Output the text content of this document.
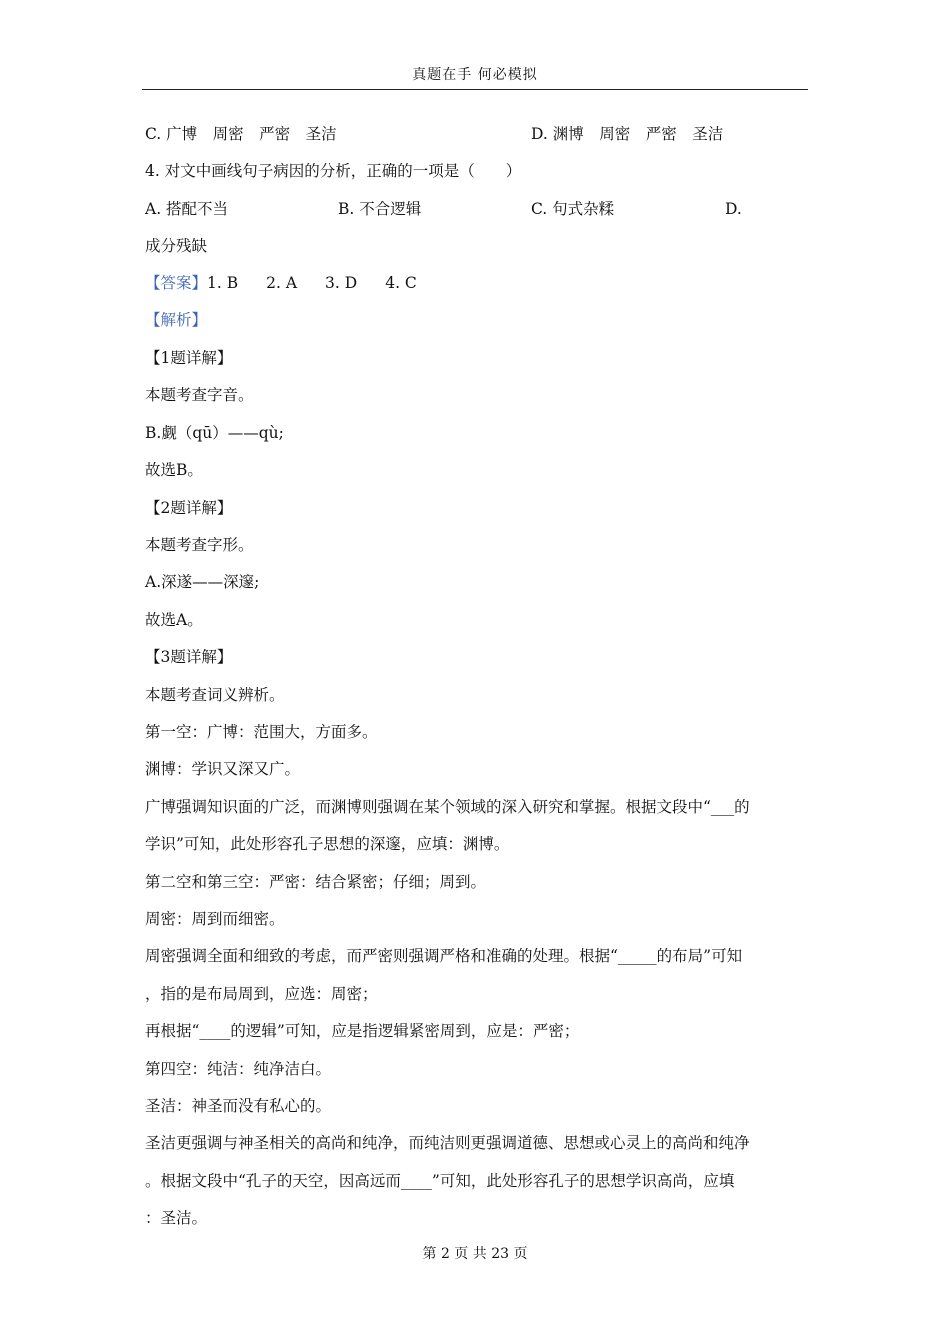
真题在手 何必模拟
C. 广博　周密　严密　圣洁	D. 渊博　周密　严密　圣洁
4. 对文中画线句子病因的分析，正确的一项是（　　）
A. 搭配不当	B. 不合逻辑	C. 句式杂糅	D.
成分残缺
【答案】1. B 2. A 3. D 4. C
【解析】
【1题详解】
本题考查字音。
B.觑（qū）——qù;
故选B。
【2题详解】
本题考查字形。
A.深遂——深邃;
故选A。
【3题详解】
本题考查词义辨析。
第一空：广博：范围大，方面多。
渊博：学识又深又广。
广博强调知识面的广泛，而渊博则强调在某个领域的深入研究和掌握。根据文段中“___的
学识”可知，此处形容孔子思想的深邃，应填：渊博。
第二空和第三空：严密：结合紧密；仔细；周到。
周密：周到而细密。
周密强调全面和细致的考虑，而严密则强调严格和准确的处理。根据“_____的布局”可知
，指的是布局周到，应选：周密；
再根据“____的逻辑”可知，应是指逻辑紧密周到，应是：严密；
第四空：纯洁：纯净洁白。
圣洁：神圣而没有私心的。
圣洁更强调与神圣相关的高尚和纯净，而纯洁则更强调道德、思想或心灵上的高尚和纯净
。根据文段中“孔子的天空，因高远而____”可知，此处形容孔子的思想学识高尚，应填
：圣洁。
第 2 页 共 23 页
